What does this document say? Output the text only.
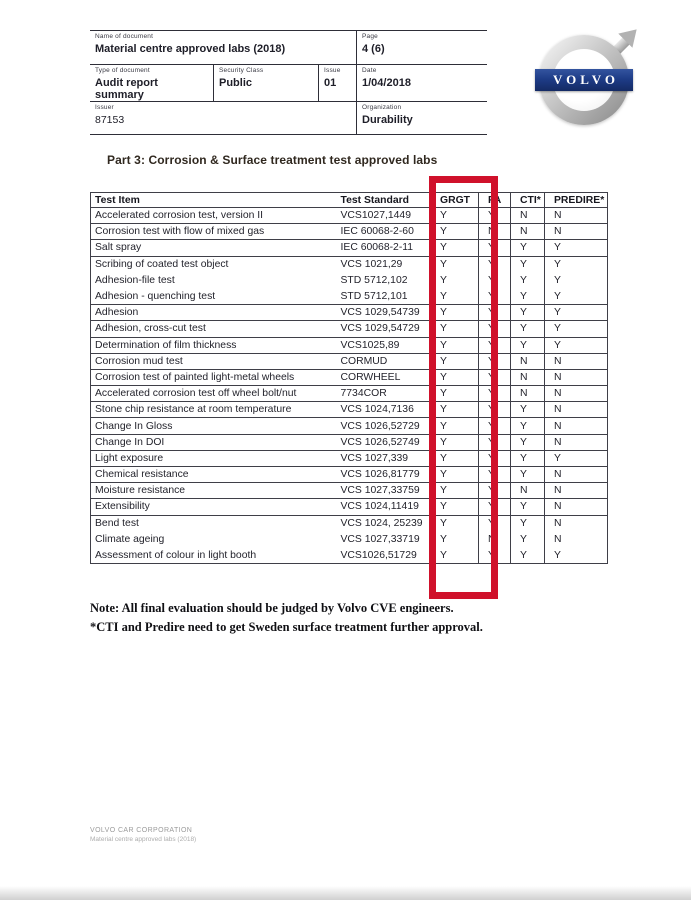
Name of document
Material centre approved labs (2018)
Page
4 (6)
Type of document
Audit report summary
Security Class
Public
Issue
01
Date
1/04/2018
Issuer
87153
Organization
Durability
VOLVO
Part 3: Corrosion & Surface treatment test approved labs
Test Item	Test Standard	GRGT	FA	CTI*	PREDIRE*
Accelerated corrosion test, version II	VCS1027,1449	Y	Y	N	N
Corrosion test with flow of mixed gas	IEC 60068-2-60	Y	N	N	N
Salt spray	IEC 60068-2-11	Y	Y	Y	Y
Scribing of coated test object	VCS 1021,29	Y	Y	Y	Y
Adhesion-file test	STD 5712,102	Y	Y	Y	Y
Adhesion - quenching test	STD 5712,101	Y	Y	Y	Y
Adhesion	VCS 1029,54739	Y	Y	Y	Y
Adhesion, cross-cut test	VCS 1029,54729	Y	Y	Y	Y
Determination of film thickness	VCS1025,89	Y	Y	Y	Y
Corrosion mud test	CORMUD	Y	Y	N	N
Corrosion test of painted light-metal wheels	CORWHEEL	Y	Y	N	N
Accelerated corrosion test off wheel bolt/nut	7734COR	Y	Y	N	N
Stone chip resistance at room temperature	VCS 1024,7136	Y	Y	Y	N
Change In Gloss	VCS 1026,52729	Y	Y	Y	N
Change In DOI	VCS 1026,52749	Y	Y	Y	N
Light exposure	VCS 1027,339	Y	Y	Y	Y
Chemical resistance	VCS 1026,81779	Y	Y	Y	N
Moisture resistance	VCS 1027,33759	Y	Y	N	N
Extensibility	VCS 1024,11419	Y	Y	Y	N
Bend test	VCS 1024, 25239	Y	Y	Y	N
Climate ageing	VCS 1027,33719	Y	N	Y	N
Assessment of colour in light booth	VCS1026,51729	Y	Y	Y	Y
Note: All final evaluation should be judged by Volvo CVE engineers.
*CTI and Predire need to get Sweden surface treatment further approval.
VOLVO CAR CORPORATION
Material centre approved labs (2018)
